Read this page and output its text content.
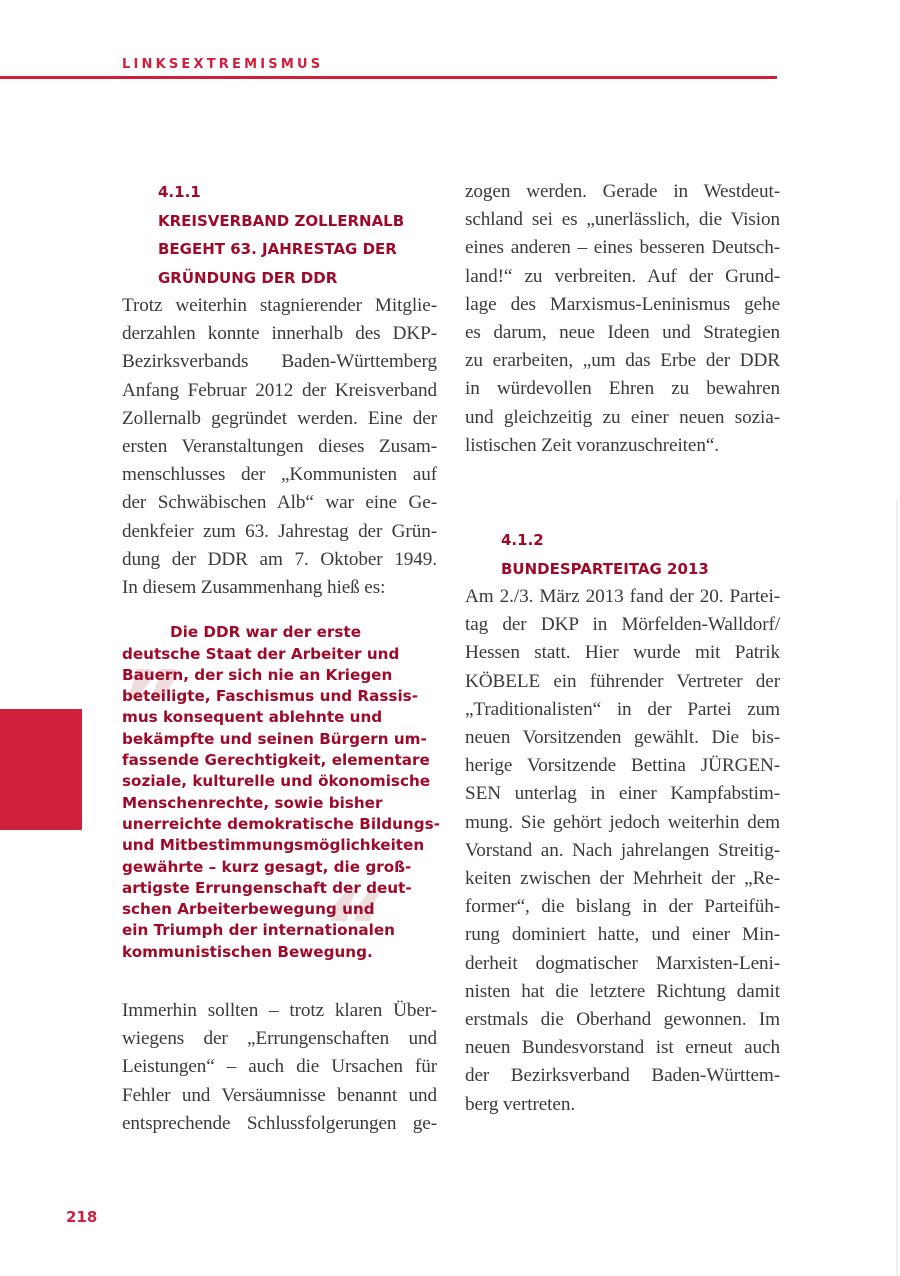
LINKSEXTREMISMUS
4.1.1
KREISVERBAND ZOLLERNALB
BEGEHT 63. JAHRESTAG DER
GRÜNDUNG DER DDR

Trotz weiterhin stagnierender Mitglie-
derzahlen konnte innerhalb des DKP-
Bezirksverbands Baden-Württemberg
Anfang Februar 2012 der Kreisverband
Zollernalb gegründet werden. Eine der
ersten Veranstaltungen dieses Zusam-
menschlusses der „Kommunisten auf
der Schwäbischen Alb“ war eine Ge-
denkfeier zum 63. Jahrestag der Grün-
dung der DDR am 7. Oktober 1949.
In diesem Zusammenhang hieß es:

„
“
Die DDR war der erste
deutsche Staat der Arbeiter und
Bauern, der sich nie an Kriegen
beteiligte, Faschismus und Rassis-
mus konsequent ablehnte und
bekämpfte und seinen Bürgern um-
fassende Gerechtigkeit, elementare
soziale, kulturelle und ökonomische
Menschenrechte, sowie bisher
unerreichte demokratische Bildungs-
und Mitbestimmungsmöglichkeiten
gewährte – kurz gesagt, die groß-
artigste Errungenschaft der deut-
schen Arbeiterbewegung und
ein Triumph der internationalen
kommunistischen Bewegung.

Immerhin sollten – trotz klaren Über-
wiegens der „Errungenschaften und
Leistungen“ – auch die Ursachen für
Fehler und Versäumnisse benannt und
entsprechende Schlussfolgerungen ge-

zogen werden. Gerade in Westdeut-
schland sei es „unerlässlich, die Vision
eines anderen – eines besseren Deutsch-
land!“ zu verbreiten. Auf der Grund-
lage des Marxismus-Leninismus gehe
es darum, neue Ideen und Strategien
zu erarbeiten, „um das Erbe der DDR
in würdevollen Ehren zu bewahren
und gleichzeitig zu einer neuen sozia-
listischen Zeit voranzuschreiten“.

4.1.2
BUNDESPARTEITAG 2013

Am 2./3. März 2013 fand der 20. Partei-
tag der DKP in Mörfelden-Walldorf/
Hessen statt. Hier wurde mit Patrik
KÖBELE ein führender Vertreter der
„Traditionalisten“ in der Partei zum
neuen Vorsitzenden gewählt. Die bis-
herige Vorsitzende Bettina JÜRGEN-
SEN unterlag in einer Kampfabstim-
mung. Sie gehört jedoch weiterhin dem
Vorstand an. Nach jahrelangen Streitig-
keiten zwischen der Mehrheit der „Re-
former“, die bislang in der Parteifüh-
rung dominiert hatte, und einer Min-
derheit dogmatischer Marxisten-Leni-
nisten hat die letztere Richtung damit
erstmals die Oberhand gewonnen. Im
neuen Bundesvorstand ist erneut auch
der Bezirksverband Baden-Württem-
berg vertreten.

218
